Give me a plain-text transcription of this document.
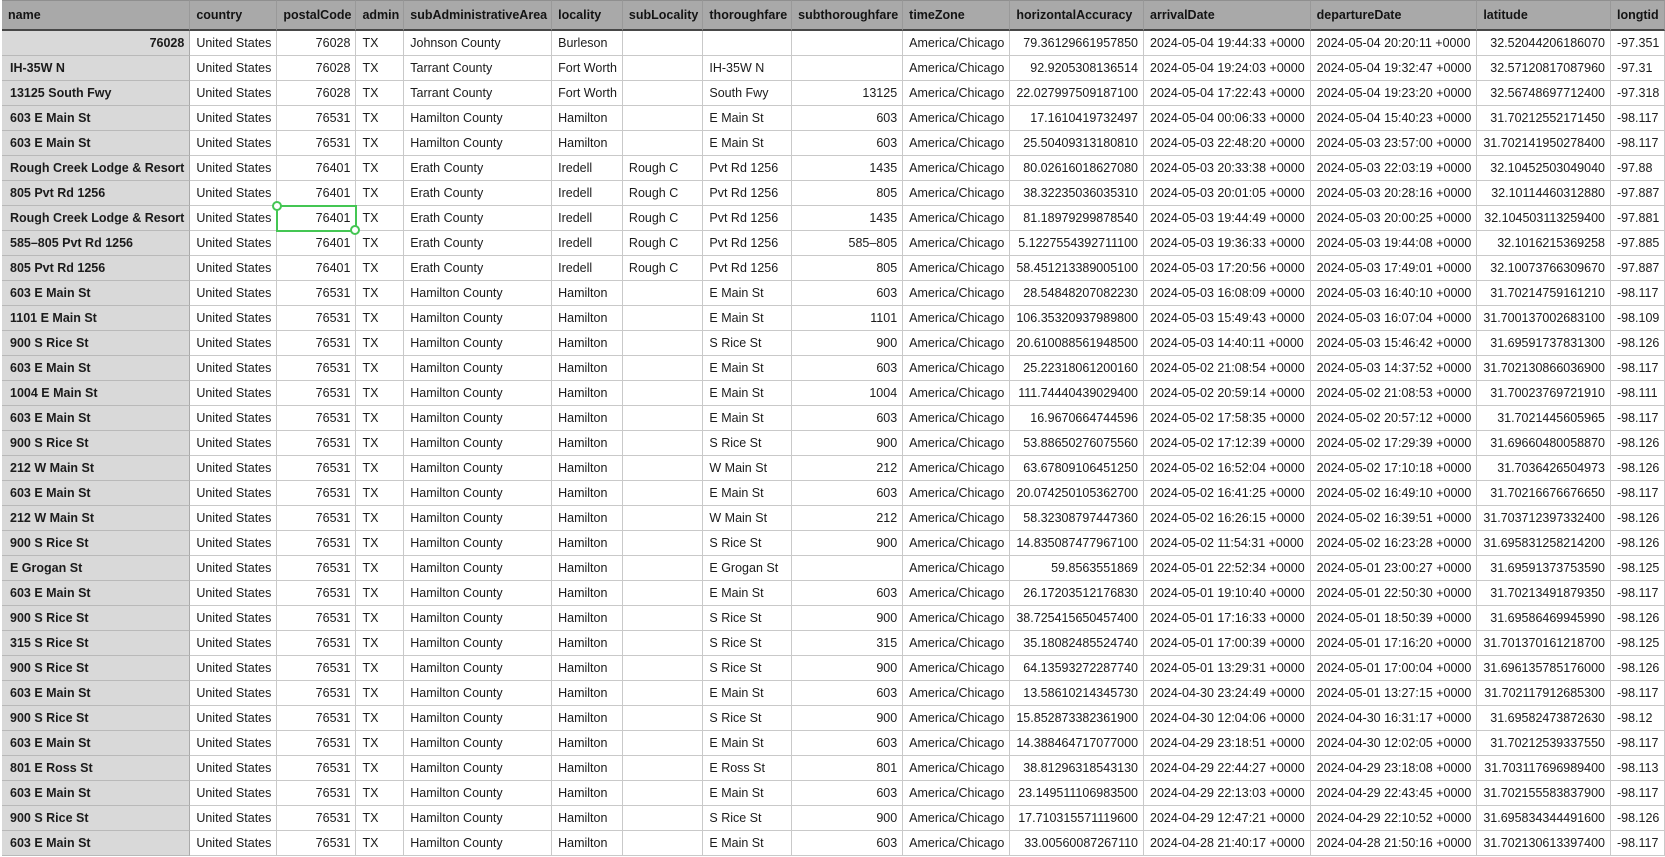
name	country	postalCode	admin	subAdministrativeArea	locality	subLocality	thoroughfare	subthoroughfare	timeZone	horizontalAccuracy	arrivalDate	departureDate	latitude	longtid
76028	United States	76028	TX	Johnson County	Burleson				America/Chicago	79.36129661957850	2024-05-04 19:44:33 +0000	2024-05-04 20:20:11 +0000	32.52044206186070	-97.351
IH-35W N	United States	76028	TX	Tarrant County	Fort Worth		IH-35W N		America/Chicago	92.9205308136514	2024-05-04 19:24:03 +0000	2024-05-04 19:32:47 +0000	32.57120817087960	-97.31
13125 South Fwy	United States	76028	TX	Tarrant County	Fort Worth		South Fwy	13125	America/Chicago	22.027997509187100	2024-05-04 17:22:43 +0000	2024-05-04 19:23:20 +0000	32.56748697712400	-97.318
603 E Main St	United States	76531	TX	Hamilton County	Hamilton		E Main St	603	America/Chicago	17.1610419732497	2024-05-04 00:06:33 +0000	2024-05-04 15:40:23 +0000	31.70212552171450	-98.117
603 E Main St	United States	76531	TX	Hamilton County	Hamilton		E Main St	603	America/Chicago	25.50409313180810	2024-05-03 22:48:20 +0000	2024-05-03 23:57:00 +0000	31.702141950278400	-98.117
Rough Creek Lodge & Resort	United States	76401	TX	Erath County	Iredell	Rough C	Pvt Rd 1256	1435	America/Chicago	80.02616018627080	2024-05-03 20:33:38 +0000	2024-05-03 22:03:19 +0000	32.10452503049040	-97.88
805 Pvt Rd 1256	United States	76401	TX	Erath County	Iredell	Rough C	Pvt Rd 1256	805	America/Chicago	38.32235036035310	2024-05-03 20:01:05 +0000	2024-05-03 20:28:16 +0000	32.10114460312880	-97.887
Rough Creek Lodge & Resort	United States	76401	TX	Erath County	Iredell	Rough C	Pvt Rd 1256	1435	America/Chicago	81.18979299878540	2024-05-03 19:44:49 +0000	2024-05-03 20:00:25 +0000	32.104503113259400	-97.881
585–805 Pvt Rd 1256	United States	76401	TX	Erath County	Iredell	Rough C	Pvt Rd 1256	585–805	America/Chicago	5.1227554392711100	2024-05-03 19:36:33 +0000	2024-05-03 19:44:08 +0000	32.1016215369258	-97.885
805 Pvt Rd 1256	United States	76401	TX	Erath County	Iredell	Rough C	Pvt Rd 1256	805	America/Chicago	58.451213389005100	2024-05-03 17:20:56 +0000	2024-05-03 17:49:01 +0000	32.10073766309670	-97.887
603 E Main St	United States	76531	TX	Hamilton County	Hamilton		E Main St	603	America/Chicago	28.54848207082230	2024-05-03 16:08:09 +0000	2024-05-03 16:40:10 +0000	31.70214759161210	-98.117
1101 E Main St	United States	76531	TX	Hamilton County	Hamilton		E Main St	1101	America/Chicago	106.35320937989800	2024-05-03 15:49:43 +0000	2024-05-03 16:07:04 +0000	31.700137002683100	-98.109
900 S Rice St	United States	76531	TX	Hamilton County	Hamilton		S Rice St	900	America/Chicago	20.610088561948500	2024-05-03 14:40:11 +0000	2024-05-03 15:46:42 +0000	31.69591737831300	-98.126
603 E Main St	United States	76531	TX	Hamilton County	Hamilton		E Main St	603	America/Chicago	25.22318061200160	2024-05-02 21:08:54 +0000	2024-05-03 14:37:52 +0000	31.702130866036900	-98.117
1004 E Main St	United States	76531	TX	Hamilton County	Hamilton		E Main St	1004	America/Chicago	111.74440439029400	2024-05-02 20:59:14 +0000	2024-05-02 21:08:53 +0000	31.70023769721910	-98.111
603 E Main St	United States	76531	TX	Hamilton County	Hamilton		E Main St	603	America/Chicago	16.9670664744596	2024-05-02 17:58:35 +0000	2024-05-02 20:57:12 +0000	31.7021445605965	-98.117
900 S Rice St	United States	76531	TX	Hamilton County	Hamilton		S Rice St	900	America/Chicago	53.88650276075560	2024-05-02 17:12:39 +0000	2024-05-02 17:29:39 +0000	31.69660480058870	-98.126
212 W Main St	United States	76531	TX	Hamilton County	Hamilton		W Main St	212	America/Chicago	63.67809106451250	2024-05-02 16:52:04 +0000	2024-05-02 17:10:18 +0000	31.7036426504973	-98.126
603 E Main St	United States	76531	TX	Hamilton County	Hamilton		E Main St	603	America/Chicago	20.074250105362700	2024-05-02 16:41:25 +0000	2024-05-02 16:49:10 +0000	31.70216676676650	-98.117
212 W Main St	United States	76531	TX	Hamilton County	Hamilton		W Main St	212	America/Chicago	58.32308797447360	2024-05-02 16:26:15 +0000	2024-05-02 16:39:51 +0000	31.703712397332400	-98.126
900 S Rice St	United States	76531	TX	Hamilton County	Hamilton		S Rice St	900	America/Chicago	14.835087477967100	2024-05-02 11:54:31 +0000	2024-05-02 16:23:28 +0000	31.695831258214200	-98.126
E Grogan St	United States	76531	TX	Hamilton County	Hamilton		E Grogan St		America/Chicago	59.8563551869	2024-05-01 22:52:34 +0000	2024-05-01 23:00:27 +0000	31.69591373753590	-98.125
603 E Main St	United States	76531	TX	Hamilton County	Hamilton		E Main St	603	America/Chicago	26.17203512176830	2024-05-01 19:10:40 +0000	2024-05-01 22:50:30 +0000	31.70213491879350	-98.117
900 S Rice St	United States	76531	TX	Hamilton County	Hamilton		S Rice St	900	America/Chicago	38.725415650457400	2024-05-01 17:16:33 +0000	2024-05-01 18:50:39 +0000	31.69586469945990	-98.126
315 S Rice St	United States	76531	TX	Hamilton County	Hamilton		S Rice St	315	America/Chicago	35.18082485524740	2024-05-01 17:00:39 +0000	2024-05-01 17:16:20 +0000	31.701370161218700	-98.125
900 S Rice St	United States	76531	TX	Hamilton County	Hamilton		S Rice St	900	America/Chicago	64.13593272287740	2024-05-01 13:29:31 +0000	2024-05-01 17:00:04 +0000	31.696135785176000	-98.126
603 E Main St	United States	76531	TX	Hamilton County	Hamilton		E Main St	603	America/Chicago	13.58610214345730	2024-04-30 23:24:49 +0000	2024-05-01 13:27:15 +0000	31.702117912685300	-98.117
900 S Rice St	United States	76531	TX	Hamilton County	Hamilton		S Rice St	900	America/Chicago	15.852873382361900	2024-04-30 12:04:06 +0000	2024-04-30 16:31:17 +0000	31.69582473872630	-98.12
603 E Main St	United States	76531	TX	Hamilton County	Hamilton		E Main St	603	America/Chicago	14.388464717077000	2024-04-29 23:18:51 +0000	2024-04-30 12:02:05 +0000	31.70212539337550	-98.117
801 E Ross St	United States	76531	TX	Hamilton County	Hamilton		E Ross St	801	America/Chicago	38.81296318543130	2024-04-29 22:44:27 +0000	2024-04-29 23:18:08 +0000	31.703117696989400	-98.113
603 E Main St	United States	76531	TX	Hamilton County	Hamilton		E Main St	603	America/Chicago	23.149511106983500	2024-04-29 22:13:03 +0000	2024-04-29 22:43:45 +0000	31.702155583837900	-98.117
900 S Rice St	United States	76531	TX	Hamilton County	Hamilton		S Rice St	900	America/Chicago	17.710315571119600	2024-04-29 12:47:21 +0000	2024-04-29 22:10:52 +0000	31.695834344491600	-98.126
603 E Main St	United States	76531	TX	Hamilton County	Hamilton		E Main St	603	America/Chicago	33.00560087267110	2024-04-28 21:40:17 +0000	2024-04-28 21:50:16 +0000	31.702130613397400	-98.117
